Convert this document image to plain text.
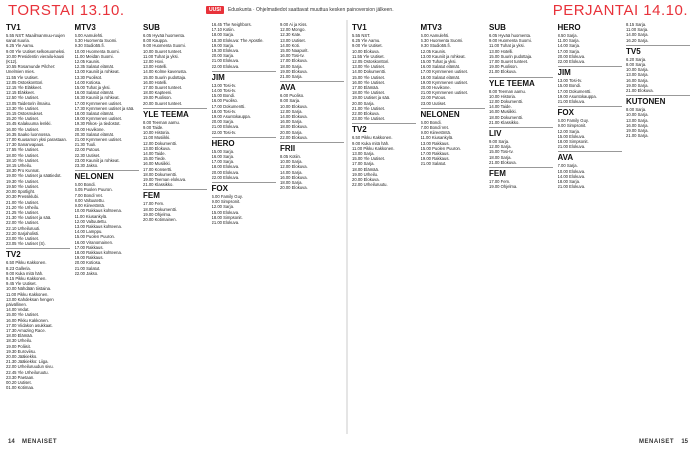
TORSTAI 13.10.	UUSI	Eduskunta · Ohjelmatiedot saattavat muuttua kesken painoversion jälkeen.	PERJANTAI 14.10.
TV1
5.55 NST: Maailmanmuu-ruujen sanat suuria.
6.25 Yle Aamu.
9.00 Yle Uutiset selkosuomeksi.
10.00 Presidentin vierailu-kausi (K12).
10.55 Rosamunde Pilcher: Unelmien mies.
11.55 Yle Uutiset.
12.05 Ostoskonttori.
12.15 Yle Eläkkeet.
12.15 Eläkkeet.
12.50 Yle Uutiset.
13.05 Taidetorin ilmaisu.
13.30 Yle Uutiset.
15.15 Ostosmukset.
15.20 Yle Uutiset.
15.45 Kalakuuma lenkki.
16.00 Yle Uutiset.
16.35 Saako luonnossa.
17.00 Kuusamon yksi parastaan.
17.30 Sananvapaus.
17.55 Yle Uutiset.
18.00 Yle Uutiset.
18.10 Yle Uutiset.
18.15 Urheilu.
18.30 Pro Kunnat.
19.00 Yle Uutiset ja säätiedot.
19.30 Yle Uutiset.
19.50 Yle Uutiset.
20.00 Spotlight.
20.30 Pressiklubi.
21.00 Yle Uutiset.
21.20 Yle Urheilu.
21.25 Yle Uutiset.
21.30 Yle Uutiset ja sää.
22.00 Yle Uutiset.
22.10 Urheiluruuti.
22.20 Sarjaholisti.
23.00 Yle Uutiset.
23.05 Yle Uutiset (S).
TV2
6.50 Pikku Kakkonen.
8.23 Galleria.
9.00 Kuka mitä häh.
9.15 Pikku Kakkonen.
9.45 Yle Uutiset.
10.00 Nähdään tiistaina.
11.00 Pikku Kakkonen.
13.00 Kahdeksan hengen päivällinen.
14.00 Vedat.
15.00 Yle Uutiset.
16.00 Pikku Kakkonen.
17.00 Viidakon asukkaat.
17.30 Amazing Race.
18.00 Elämää.
18.30 Urheilu.
19.00 Poliisit.
19.30 Euroviisu.
20.00 Jääkiekko.
21.30 Jääkiekko: Liiga.
22.00 Urheiluruudun sivu.
22.45 Yle Urheiluruutu.
23.30 Paetaan.
00.20 Uutiset.
01.00 Kotimaa.
MTV3
6.00 Aamulehti.
6.30 Huomenta Suomi.
9.30 Studio55.fi.
10.00 Huomenta Suomi.
11.00 Meidän Suomi.
12.05 Kaunis.
12.35 Salatut elämät.
13.00 Kauniit ja rohkeat.
13.30 Puolisot.
14.00 Kotiosa.
15.00 Tuhat ja yksi.
16.00 Salatut elämät.
16.30 Kauniit ja rohkeat.
17.00 Kymmenen uutiset.
17.30 Kymmenen uutiset ja sää.
18.00 Salatut elämät.
19.00 Kymmenen uutiset.
19.30 Rikos- ja tiedostot.
20.00 Huvikone.
20.30 Salatut elämät.
21.00 Kymmenen uutiset.
21.30 Tuuli.
22.00 Putous.
22.30 Uutiset.
23.00 Kauniit ja rohkeat.
23.30 Jakso.
NELONEN
6.00 Bondi.
6.05 Puolen Puuron.
7.00 Bondi Vet.
8.00 Valtuutettu.
9.00 Kiireetöntä.
10.00 Rakkaus kohteena.
11.00 Kiusankylä.
12.00 Valtuutettu.
13.00 Rakkaus kohteena.
14.00 Lamppu.
15.00 Puolen Puuron.
16.00 Viranomainen.
17.00 Rakkaus.
18.00 Rakkaus kohteena.
19.00 Rakkaus.
20.00 Kotiosa.
21.00 Salatut.
22.00 Jakso.
SUB
6.05 Hyvää huomenta.
8.00 Kauppa.
9.00 Huomenta Suomi.
10.00 Suuret tunteet.
11.00 Tuhat ja yksi.
12.00 Hovi.
13.00 Hotelli.
14.00 Kolme kaverusta.
15.00 Suurin pudottaja.
16.00 Hotelli.
17.00 Suuret tunteet.
18.00 Kapteeni.
19.00 Puolison.
20.00 Suuret tunteet.
YLE TEEMA
8.00 Teeman aamu.
9.00 Taide.
10.00 Historia.
11.00 Musiikki.
12.00 Dokumentti.
13.00 Elokuva.
14.00 Taide.
15.00 Tiede.
16.00 Musiikki.
17.00 Konsertti.
18.00 Dokumentti.
19.00 Teeman elokuva.
21.00 Klassikko.
FEM
17.00 Fem.
18.00 Dokumentti.
19.00 Ohjelma.
20.00 Kotimainen.
16.45 The Neighbors.
17.10 Kotiin.
18.00 Sarja.
18.30 Elokuva: The Apostle.
19.00 Sarja.
19.30 Elokuva.
20.00 Sarja.
21.00 Elokuva.
22.00 Elokuva.
JIM
13.00 Tosi-tv.
14.00 Tosi-tv.
15.00 Bondi.
16.00 Puoliso.
17.00 Dokumentti.
18.00 Tosi-tv.
19.00 Asuntokauppa.
20.00 Sarja.
21.00 Elokuva.
22.00 Tosi-tv.
HERO
15.00 Sarja.
16.00 Sarja.
17.00 Sarja.
18.00 Elokuva.
20.00 Elokuva.
22.00 Elokuva.
FOX
6.00 Family Guy.
9.00 Simpsonit.
12.00 Sarja.
15.00 Elokuva.
18.00 Simpsonit.
21.00 Elokuva.
9.00 Ai ja Kiss.
12.00 Mongo.
12.30 Kate.
13.00 Uutiset.
14.00 Koti.
15.00 Naapurit.
16.00 Tosi-tv.
17.00 Elokuva.
18.00 Sarja.
19.00 Elokuva.
21.00 Sarja.
AVA
6.00 Puoliso.
8.00 Sarja.
10.00 Elokuva.
12.00 Sarja.
14.00 Elokuva.
16.00 Sarja.
18.00 Elokuva.
20.00 Sarja.
22.00 Elokuva.
FRII
8.05 Kotiin.
10.00 Sarja.
12.00 Elokuva.
14.00 Sarja.
16.00 Elokuva.
18.00 Sarja.
20.00 Elokuva.
TV1
5.55 NST.
6.25 Yle Aamu.
9.00 Yle Uutiset.
10.00 Elokuva.
11.55 Yle Uutiset.
12.05 Ostoskonttori.
13.00 Yle Uutiset.
14.00 Dokumentti.
15.00 Yle Uutiset.
16.00 Yle Uutiset.
17.00 Elämää.
18.00 Yle Uutiset.
19.00 Uutiset ja sää.
20.00 Sarja.
21.00 Yle Uutiset.
22.00 Elokuva.
23.00 Yle Uutiset.
TV2
6.50 Pikku Kakkonen.
9.00 Kuka mitä häh.
11.00 Pikku Kakkonen.
13.00 Sarja.
15.00 Yle Uutiset.
17.00 Sarja.
18.00 Elämää.
19.00 Urheilu.
20.00 Elokuva.
22.00 Urheiluruutu.
MTV3
6.00 Aamulehti.
6.30 Huomenta Suomi.
9.30 Studio55.fi.
12.05 Kaunis.
13.00 Kauniit ja rohkeat.
15.00 Tuhat ja yksi.
16.00 Salatut elämät.
17.00 Kymmenen uutiset.
18.00 Salatut elämät.
19.00 Kymmenen uutiset.
20.00 Huvikone.
21.00 Kymmenen uutiset.
22.00 Putous.
23.00 Uutiset.
NELONEN
6.00 Bondi.
7.00 Bondi Vet.
9.00 Kiireetöntä.
11.00 Kiusankylä.
13.00 Rakkaus.
15.00 Puolen Puuron.
17.00 Rakkaus.
19.00 Rakkaus.
21.00 Salatut.
SUB
6.05 Hyvää huomenta.
9.00 Huomenta Suomi.
11.00 Tuhat ja yksi.
13.00 Hotelli.
15.00 Suurin pudottaja.
17.00 Suuret tunteet.
19.00 Puolison.
21.00 Elokuva.
YLE TEEMA
8.00 Teeman aamu.
10.00 Historia.
12.00 Dokumentti.
14.00 Taide.
16.00 Musiikki.
18.00 Dokumentti.
21.00 Klassikko.
LIV
9.00 Sarja.
12.00 Sarja.
15.00 Tosi-tv.
18.00 Sarja.
21.00 Elokuva.
FEM
17.00 Fem.
19.00 Ohjelma.
HERO
8.50 Sarja.
11.00 Sarja.
14.00 Sarja.
17.00 Sarja.
20.00 Elokuva.
22.00 Elokuva.
JIM
13.00 Tosi-tv.
15.00 Bondi.
17.00 Dokumentti.
19.00 Asuntokauppa.
21.00 Elokuva.
FOX
6.00 Family Guy.
9.00 Simpsonit.
12.00 Sarja.
15.00 Elokuva.
18.00 Simpsonit.
21.00 Elokuva.
AVA
7.00 Sarja.
10.00 Elokuva.
14.00 Elokuva.
18.00 Sarja.
21.00 Elokuva.
8.15 Sarja.
11.00 Sarja.
14.00 Sarja.
16.20 Sarja.
TV5
6.20 Sarja.
8.00 Sarja.
10.00 Sarja.
13.00 Sarja.
16.00 Sarja.
19.00 Sarja.
21.00 Elokuva.
KUTONEN
8.00 Sarja.
10.00 Sarja.
13.00 Sarja.
16.00 Sarja.
19.00 Sarja.
21.00 Sarja.
14 MENAISET	MENAISET 15
